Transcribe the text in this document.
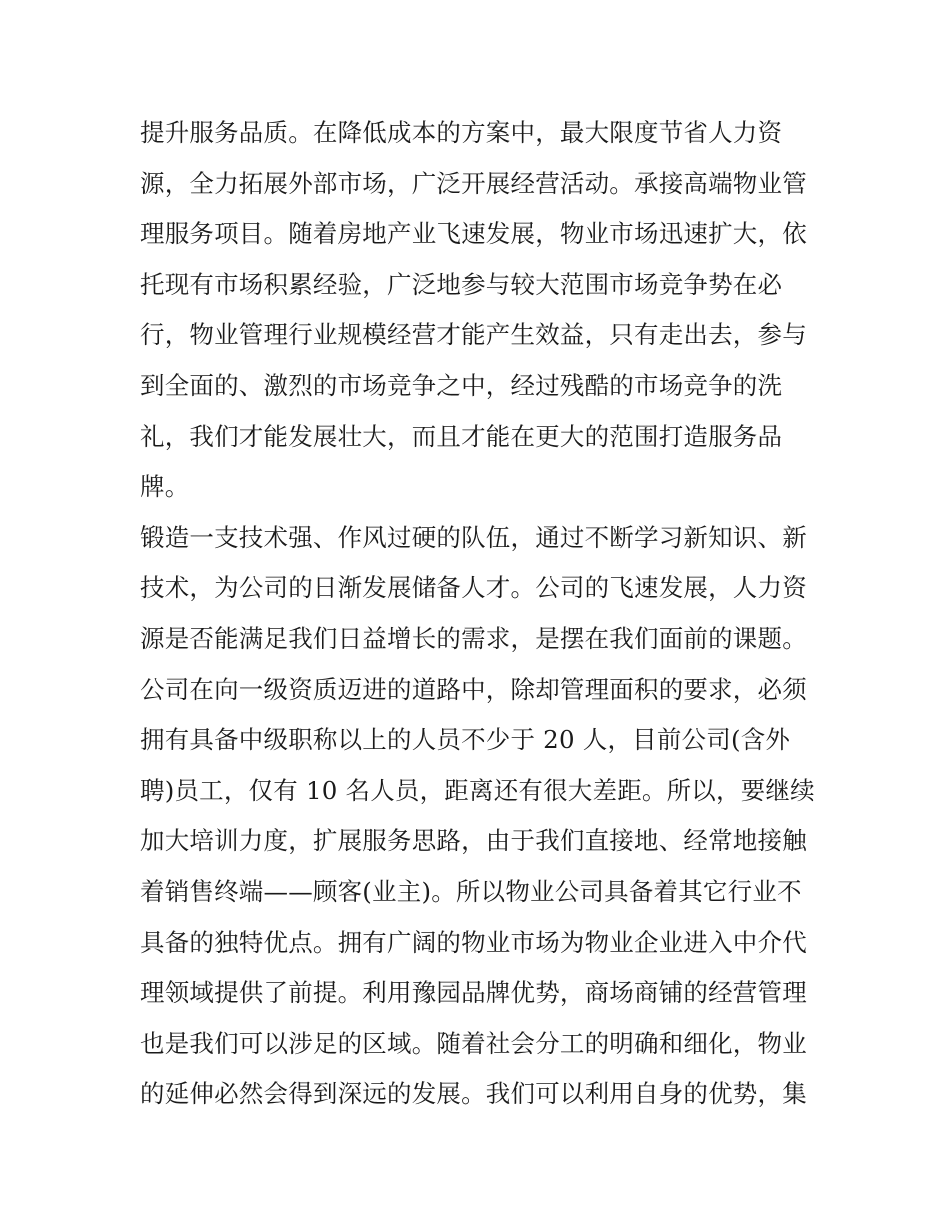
提升服务品质。在降低成本的方案中，最大限度节省人力资
源，全力拓展外部市场，广泛开展经营活动。承接高端物业管
理服务项目。随着房地产业飞速发展，物业市场迅速扩大，依
托现有市场积累经验，广泛地参与较大范围市场竞争势在必
行，物业管理行业规模经营才能产生效益，只有走出去，参与
到全面的、激烈的市场竞争之中，经过残酷的市场竞争的洗
礼，我们才能发展壮大，而且才能在更大的范围打造服务品
牌。
锻造一支技术强、作风过硬的队伍，通过不断学习新知识、新
技术，为公司的日渐发展储备人才。公司的飞速发展，人力资
源是否能满足我们日益增长的需求，是摆在我们面前的课题。
公司在向一级资质迈进的道路中，除却管理面积的要求，必须
拥有具备中级职称以上的人员不少于 20 人，目前公司(含外
聘)员工，仅有 10 名人员，距离还有很大差距。所以，要继续
加大培训力度，扩展服务思路，由于我们直接地、经常地接触
着销售终端——顾客(业主)。所以物业公司具备着其它行业不
具备的独特优点。拥有广阔的物业市场为物业企业进入中介代
理领域提供了前提。利用豫园品牌优势，商场商铺的经营管理
也是我们可以涉足的区域。随着社会分工的明确和细化，物业
的延伸必然会得到深远的发展。我们可以利用自身的优势，集
